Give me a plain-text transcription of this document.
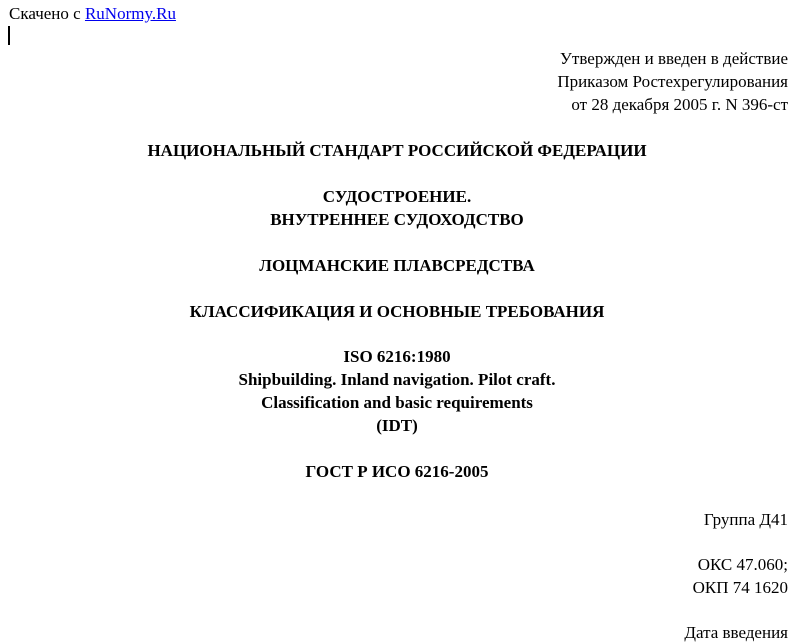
Скачено с RuNormy.Ru
Утвержден и введен в действие
Приказом Ростехрегулирования
от 28 декабря 2005 г. N 396-ст
НАЦИОНАЛЬНЫЙ СТАНДАРТ РОССИЙСКОЙ ФЕДЕРАЦИИ
СУДОСТРОЕНИЕ.
ВНУТРЕННЕЕ СУДОХОДСТВО
ЛОЦМАНСКИЕ ПЛАВСРЕДСТВА
КЛАССИФИКАЦИЯ И ОСНОВНЫЕ ТРЕБОВАНИЯ
ISO 6216:1980
Shipbuilding. Inland navigation. Pilot craft.
Classification and basic requirements
(IDT)
ГОСТ Р ИСО 6216-2005
Группа Д41
ОКС 47.060;
ОКП 74 1620
Дата введения
